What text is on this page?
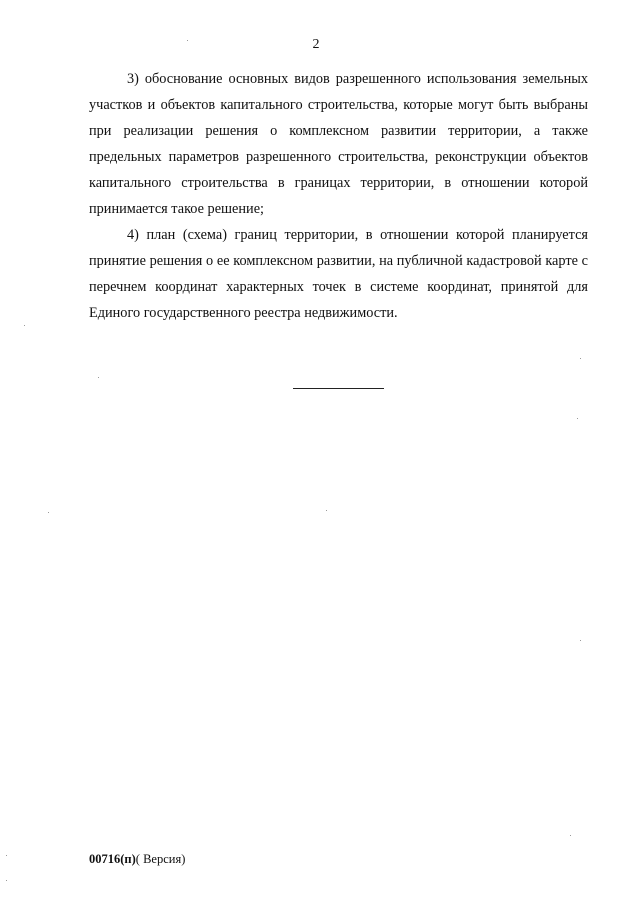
2

3) обоснование основных видов разрешенного использования земельных участков и объектов капитального строительства, которые могут быть выбраны при реализации решения о комплексном развитии территории, а также предельных параметров разрешенного строительства, реконструкции объектов капитального строительства в границах территории, в отношении которой принимается такое решение;

4) план (схема) границ территории, в отношении которой планируется принятие решения о ее комплексном развитии, на публичной кадастровой карте с перечнем координат характерных точек в системе координат, принятой для Единого государственного реестра недвижимости.

00716(п)( Версия)
